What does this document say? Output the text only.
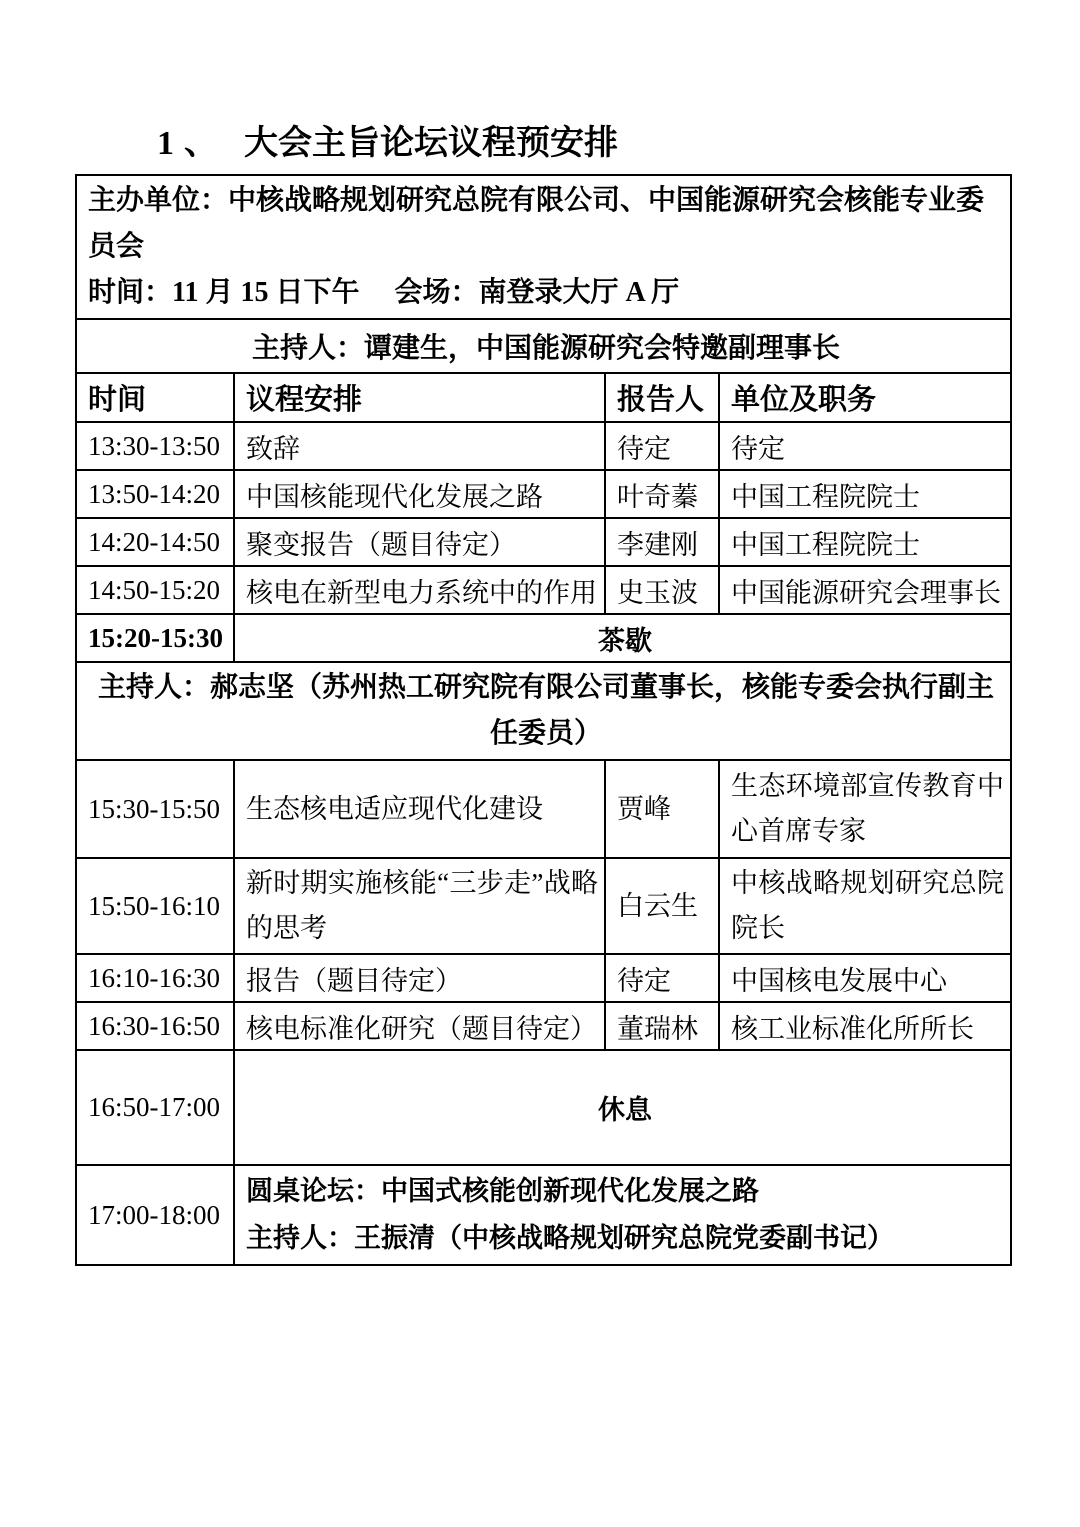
1、 大会主旨论坛议程预安排
主办单位：中核战略规划研究总院有限公司、中国能源研究会核能专业委员会
时间：11 月 15 日下午　 会场：南登录大厅 A 厅			

主持人：谭建生，中国能源研究会特邀副理事长			
时间	议程安排	报告人	单位及职务
13:30-13:50	致辞	待定	待定
13:50-14:20	中国核能现代化发展之路	叶奇蓁	中国工程院院士
14:20-14:50	聚变报告（题目待定）	李建刚	中国工程院院士
14:50-15:20	核电在新型电力系统中的作用	史玉波	中国能源研究会理事长
15:20-15:30	茶歇		
主持人：郝志坚（苏州热工研究院有限公司董事长，核能专委会执行副主任委员）			
15:30-15:50	生态核电适应现代化建设	贾峰	生态环境部宣传教育中心首席专家
15:50-16:10	新时期实施核能“三步走”战略的思考	白云生	中核战略规划研究总院院长
16:10-16:30	报告（题目待定）	待定	中国核电发展中心
16:30-16:50	核电标准化研究（题目待定）	董瑞林	核工业标准化所所长
16:50-17:00	休息		
17:00-18:00	圆桌论坛：中国式核能创新现代化发展之路
主持人：王振清（中核战略规划研究总院党委副书记）		
